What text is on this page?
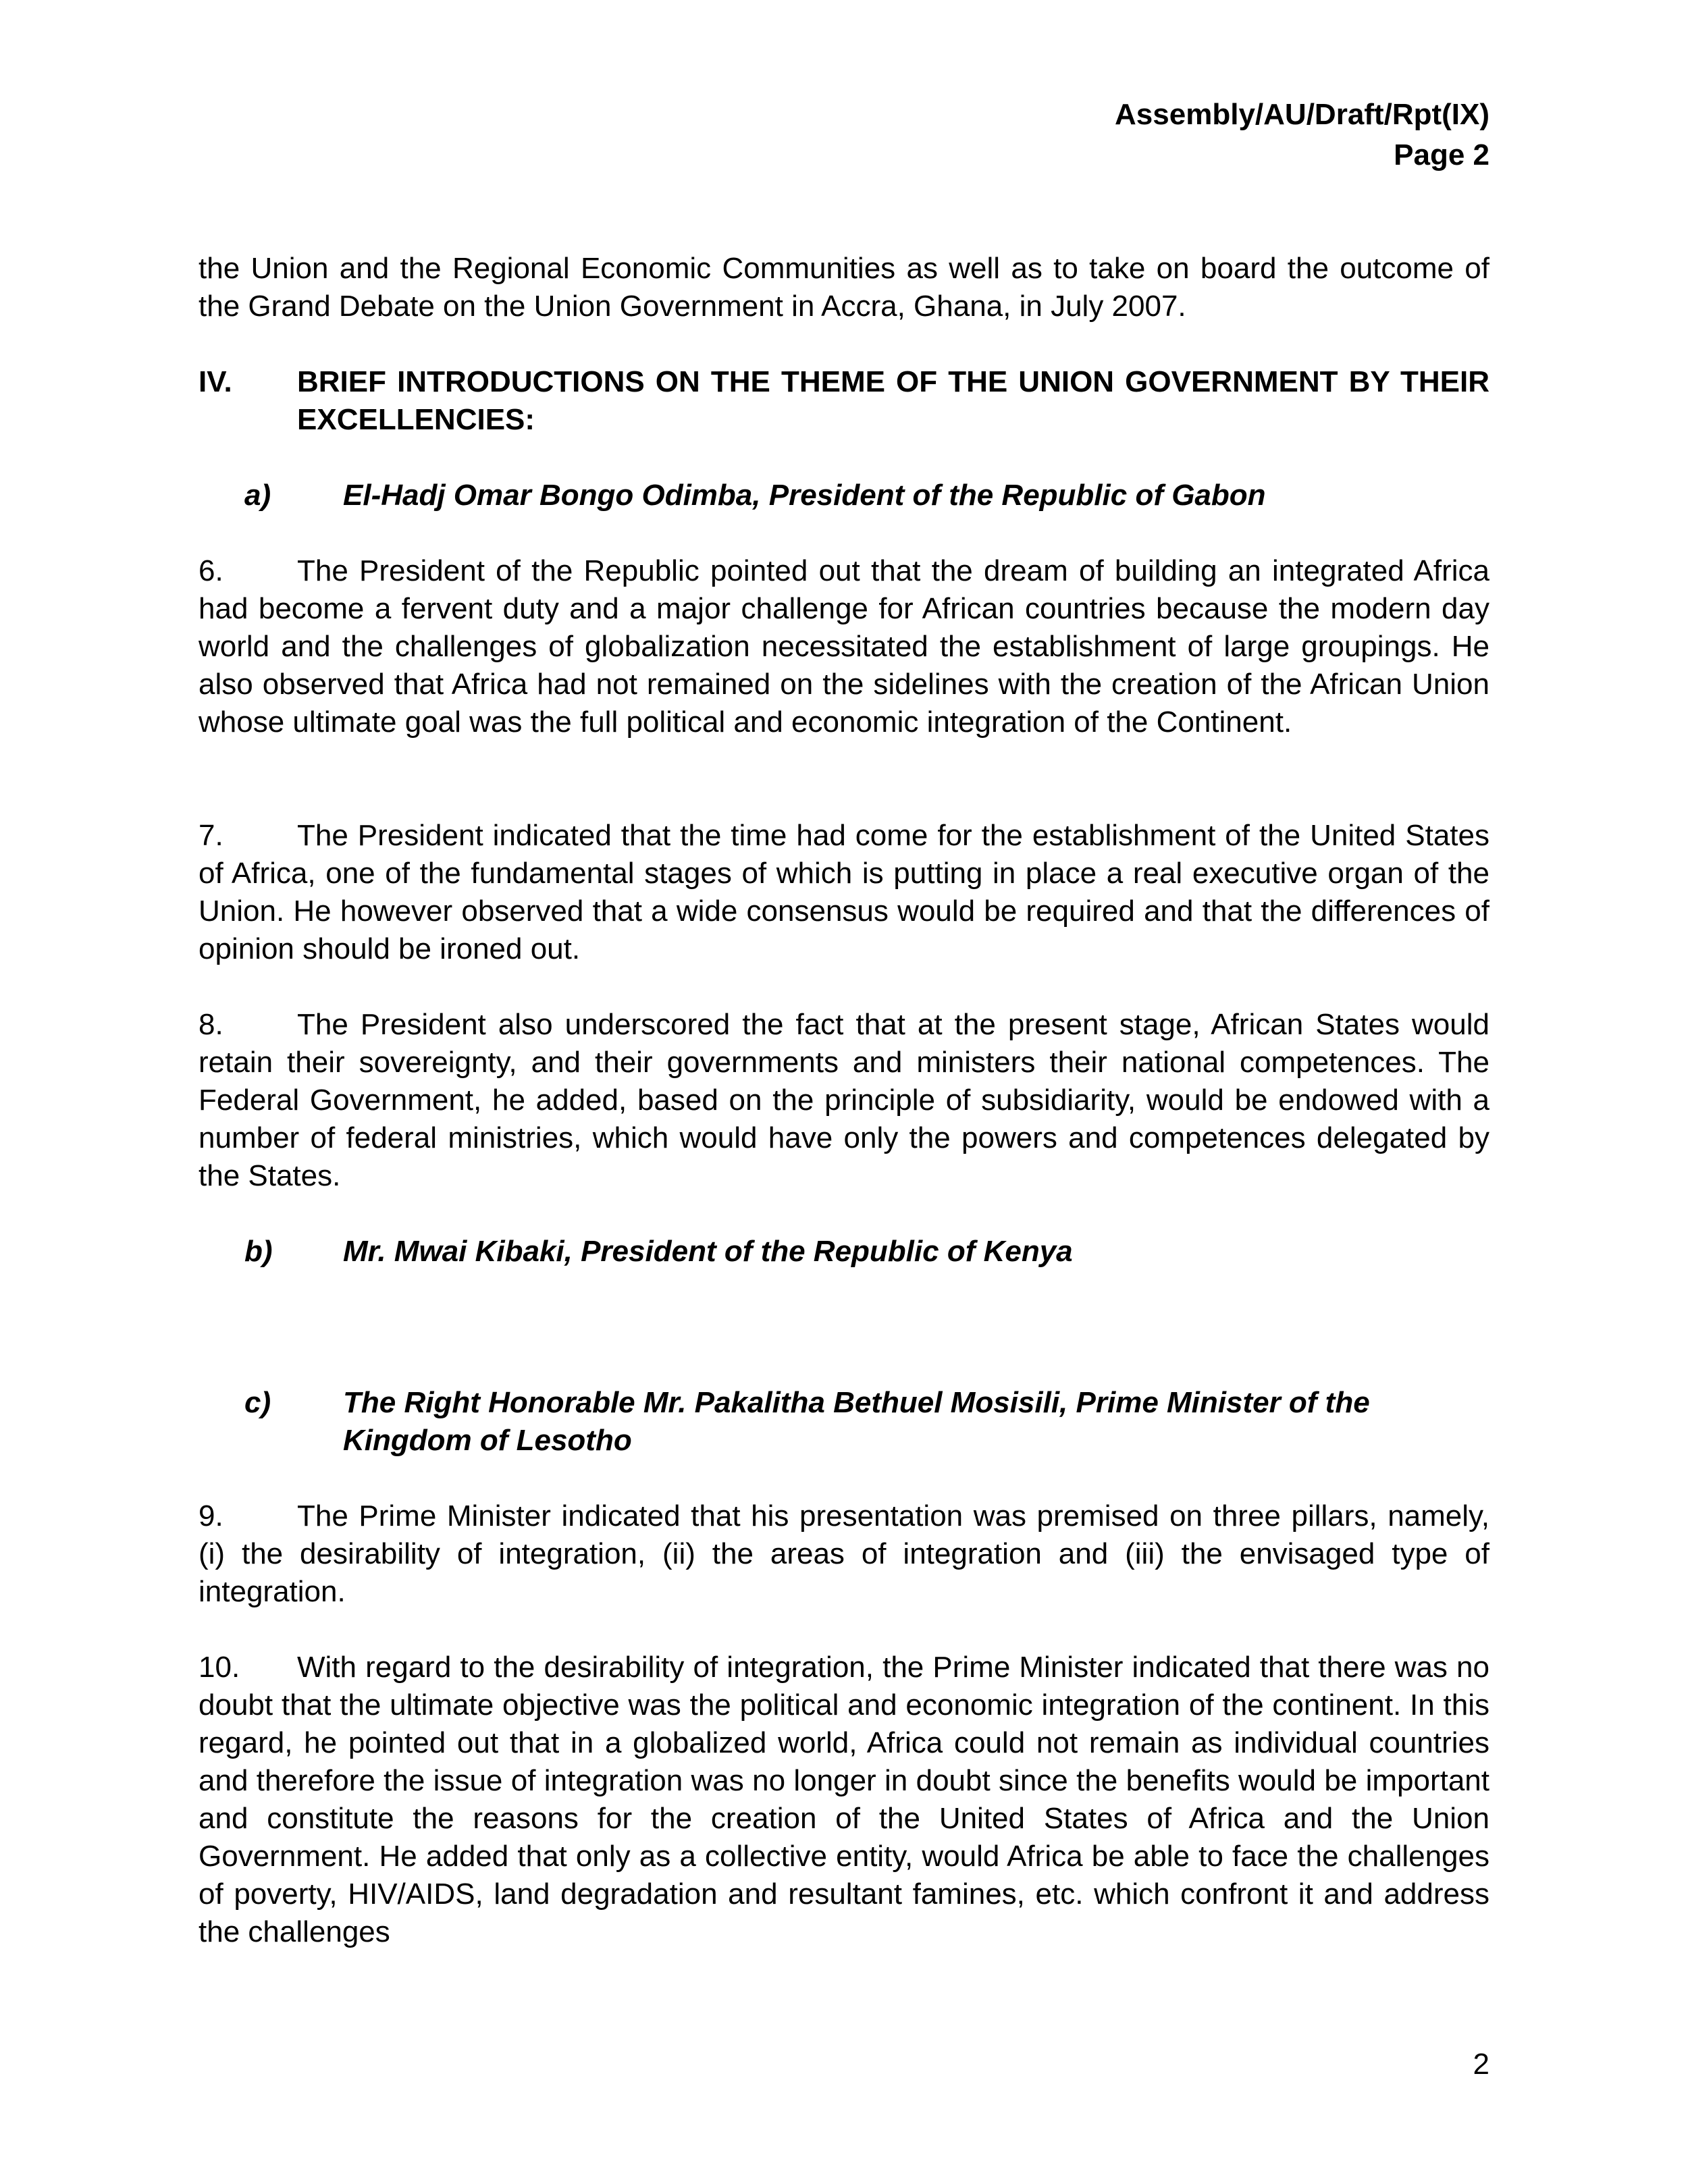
Assembly/AU/Draft/Rpt(IX)
Page 2

the Union and the Regional Economic Communities as well as to take on board the outcome of the Grand Debate on the Union Government in Accra, Ghana, in July 2007.

IV.	BRIEF INTRODUCTIONS ON THE THEME OF THE UNION GOVERNMENT BY THEIR EXCELLENCIES:
a)	El-Hadj Omar Bongo Odimba, President of the Republic of Gabon

6. The President of the Republic pointed out that the dream of building an integrated Africa had become a fervent duty and a major challenge for African countries because the modern day world and the challenges of globalization necessitated the establishment of large groupings. He also observed that Africa had not remained on the sidelines with the creation of the African Union whose ultimate goal was the full political and economic integration of the Continent.

7. The President indicated that the time had come for the establishment of the United States of Africa, one of the fundamental stages of which is putting in place a real executive organ of the Union. He however observed that a wide consensus would be required and that the differences of opinion should be ironed out.

8. The President also underscored the fact that at the present stage, African States would retain their sovereignty, and their governments and ministers their national competences. The Federal Government, he added, based on the principle of subsidiarity, would be endowed with a number of federal ministries, which would have only the powers and competences delegated by the States.

b)	Mr. Mwai Kibaki, President of the Republic of Kenya
c)	The Right Honorable Mr. Pakalitha Bethuel Mosisili, Prime Minister of the Kingdom of Lesotho

9. The Prime Minister indicated that his presentation was premised on three pillars, namely, (i) the desirability of integration, (ii) the areas of integration and (iii) the envisaged type of integration.

10. With regard to the desirability of integration, the Prime Minister indicated that there was no doubt that the ultimate objective was the political and economic integration of the continent. In this regard, he pointed out that in a globalized world, Africa could not remain as individual countries and therefore the issue of integration was no longer in doubt since the benefits would be important and constitute the reasons for the creation of the United States of Africa and the Union Government. He added that only as a collective entity, would Africa be able to face the challenges of poverty, HIV/AIDS, land degradation and resultant famines, etc. which confront it and address the challenges

2
